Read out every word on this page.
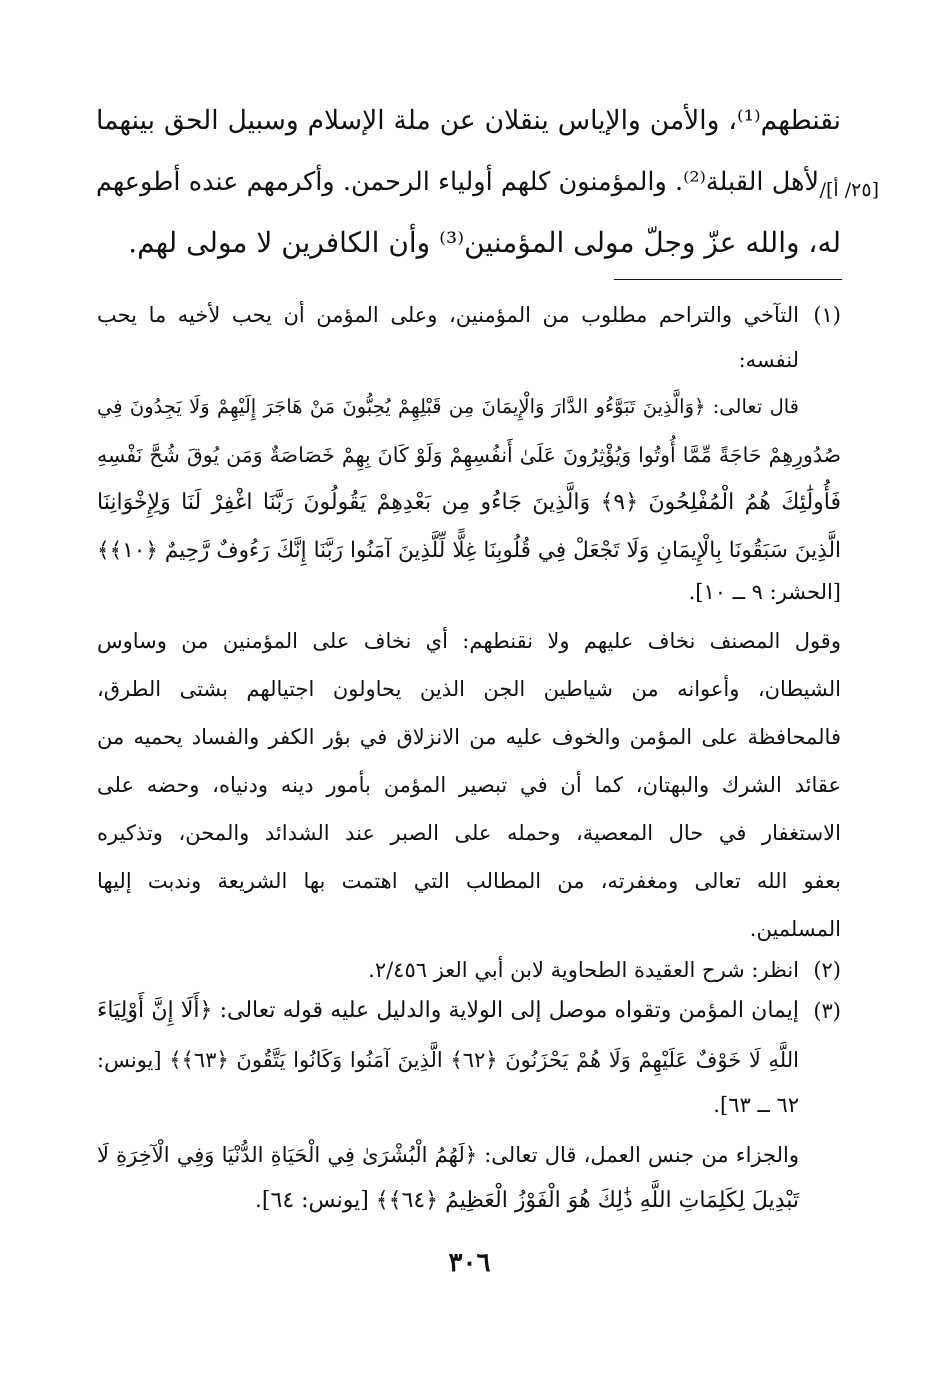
نقنطهم⁽¹⁾، والأمن والإياس ينقلان عن ملة الإسلام وسبيل الحق بينهما
[٢٥/ أ]/
لأهل القبلة⁽²⁾. والمؤمنون كلهم أولياء الرحمن. وأكرمهم عنده أطوعهم
له، والله عزّ وجلّ مولى المؤمنين⁽³⁾ وأن الكافرين لا مولى لهم.
(١)
التآخي والتراحم مطلوب من المؤمنين، وعلى المؤمن أن يحب لأخيه ما يحب
لنفسه:
قال تعالى: ﴿وَالَّذِينَ تَبَوَّءُو الدَّارَ وَالْإِيمَانَ مِن قَبْلِهِمْ يُحِبُّونَ مَنْ هَاجَرَ إِلَيْهِمْ وَلَا يَجِدُونَ فِي
صُدُورِهِمْ حَاجَةً مِّمَّا أُوتُوا وَيُؤْثِرُونَ عَلَىٰ أَنفُسِهِمْ وَلَوْ كَانَ بِهِمْ خَصَاصَةٌ وَمَن يُوقَ شُحَّ نَفْسِهِ
فَأُولَٰئِكَ هُمُ الْمُفْلِحُونَ ﴿٩﴾ وَالَّذِينَ جَاءُو مِن بَعْدِهِمْ يَقُولُونَ رَبَّنَا اغْفِرْ لَنَا وَلِإِخْوَانِنَا
الَّذِينَ سَبَقُونَا بِالْإِيمَانِ وَلَا تَجْعَلْ فِي قُلُوبِنَا غِلًّا لِّلَّذِينَ آمَنُوا رَبَّنَا إِنَّكَ رَءُوفٌ رَّحِيمٌ ﴿١٠﴾﴾
[الحشر: ٩ ــ ١٠].
وقول المصنف نخاف عليهم ولا نقنطهم: أي نخاف على المؤمنين من وساوس
الشيطان، وأعوانه من شياطين الجن الذين يحاولون اجتيالهم بشتى الطرق،
فالمحافظة على المؤمن والخوف عليه من الانزلاق في بؤر الكفر والفساد يحميه من
عقائد الشرك والبهتان، كما أن في تبصير المؤمن بأمور دينه ودنياه، وحضه على
الاستغفار في حال المعصية، وحمله على الصبر عند الشدائد والمحن، وتذكيره
بعفو الله تعالى ومغفرته، من المطالب التي اهتمت بها الشريعة وندبت إليها
المسلمين.
(٢)
انظر: شرح العقيدة الطحاوية لابن أبي العز ٢/٤٥٦.
(٣)
إيمان المؤمن وتقواه موصل إلى الولاية والدليل عليه قوله تعالى: ﴿أَلَا إِنَّ أَوْلِيَاءَ
اللَّهِ لَا خَوْفٌ عَلَيْهِمْ وَلَا هُمْ يَحْزَنُونَ ﴿٦٢﴾ الَّذِينَ آمَنُوا وَكَانُوا يَتَّقُونَ ﴿٦٣﴾﴾ [يونس:
٦٢ ــ ٦٣].
والجزاء من جنس العمل، قال تعالى: ﴿لَهُمُ الْبُشْرَىٰ فِي الْحَيَاةِ الدُّنْيَا وَفِي الْآخِرَةِ لَا
تَبْدِيلَ لِكَلِمَاتِ اللَّهِ ذَٰلِكَ هُوَ الْفَوْزُ الْعَظِيمُ ﴿٦٤﴾﴾ [يونس: ٦٤].
٣٠٦
